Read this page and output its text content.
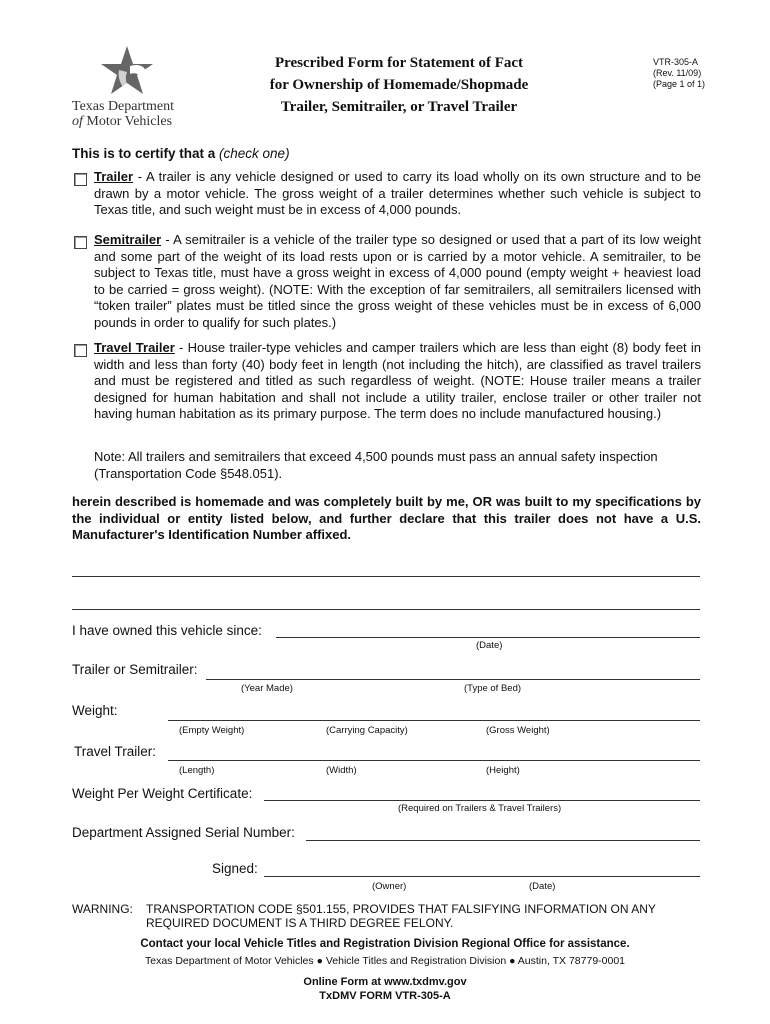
Texas Department
of Motor Vehicles
Prescribed Form for Statement of Fact
for Ownership of Homemade/Shopmade
Trailer, Semitrailer, or Travel Trailer
VTR-305-A
(Rev. 11/09)
(Page 1 of 1)
This is to certify that a (check one)
Trailer - A trailer is any vehicle designed or used to carry its load wholly on its own structure and to be drawn by a motor vehicle. The gross weight of a trailer determines whether such vehicle is subject to Texas title, and such weight must be in excess of 4,000 pounds.
Semitrailer - A semitrailer is a vehicle of the trailer type so designed or used that a part of its low weight and some part of the weight of its load rests upon or is carried by a motor vehicle. A semitrailer, to be subject to Texas title, must have a gross weight in excess of 4,000 pound (empty weight + heaviest load to be carried = gross weight). (NOTE: With the exception of far semitrailers, all semitrailers licensed with “token trailer” plates must be titled since the gross weight of these vehicles must be in excess of 6,000 pounds in order to qualify for such plates.)
Travel Trailer - House trailer-type vehicles and camper trailers which are less than eight (8) body feet in width and less than forty (40) body feet in length (not including the hitch), are classified as travel trailers and must be registered and titled as such regardless of weight. (NOTE: House trailer means a trailer designed for human habitation and shall not include a utility trailer, enclose trailer or other trailer not having human habitation as its primary purpose. The term does no include manufactured housing.)
Note: All trailers and semitrailers that exceed 4,500 pounds must pass an annual safety inspection (Transportation Code §548.051).
herein described is homemade and was completely built by me, OR was built to my specifications by the individual or entity listed below, and further declare that this trailer does not have a U.S. Manufacturer's Identification Number affixed.
I have owned this vehicle since:
(Date)
Trailer or Semitrailer:
(Year Made)	(Type of Bed)
Weight:
(Empty Weight)	(Carrying Capacity)	(Gross Weight)
Travel Trailer:
(Length)	(Width)	(Height)
Weight Per Weight Certificate:
(Required on Trailers & Travel Trailers)
Department Assigned Serial Number:
Signed:
(Owner)	(Date)
WARNING: TRANSPORTATION CODE §501.155, PROVIDES THAT FALSIFYING INFORMATION ON ANY REQUIRED DOCUMENT IS A THIRD DEGREE FELONY.
Contact your local Vehicle Titles and Registration Division Regional Office for assistance.
Texas Department of Motor Vehicles ● Vehicle Titles and Registration Division ● Austin, TX 78779-0001
Online Form at www.txdmv.gov
TxDMV FORM VTR-305-A
